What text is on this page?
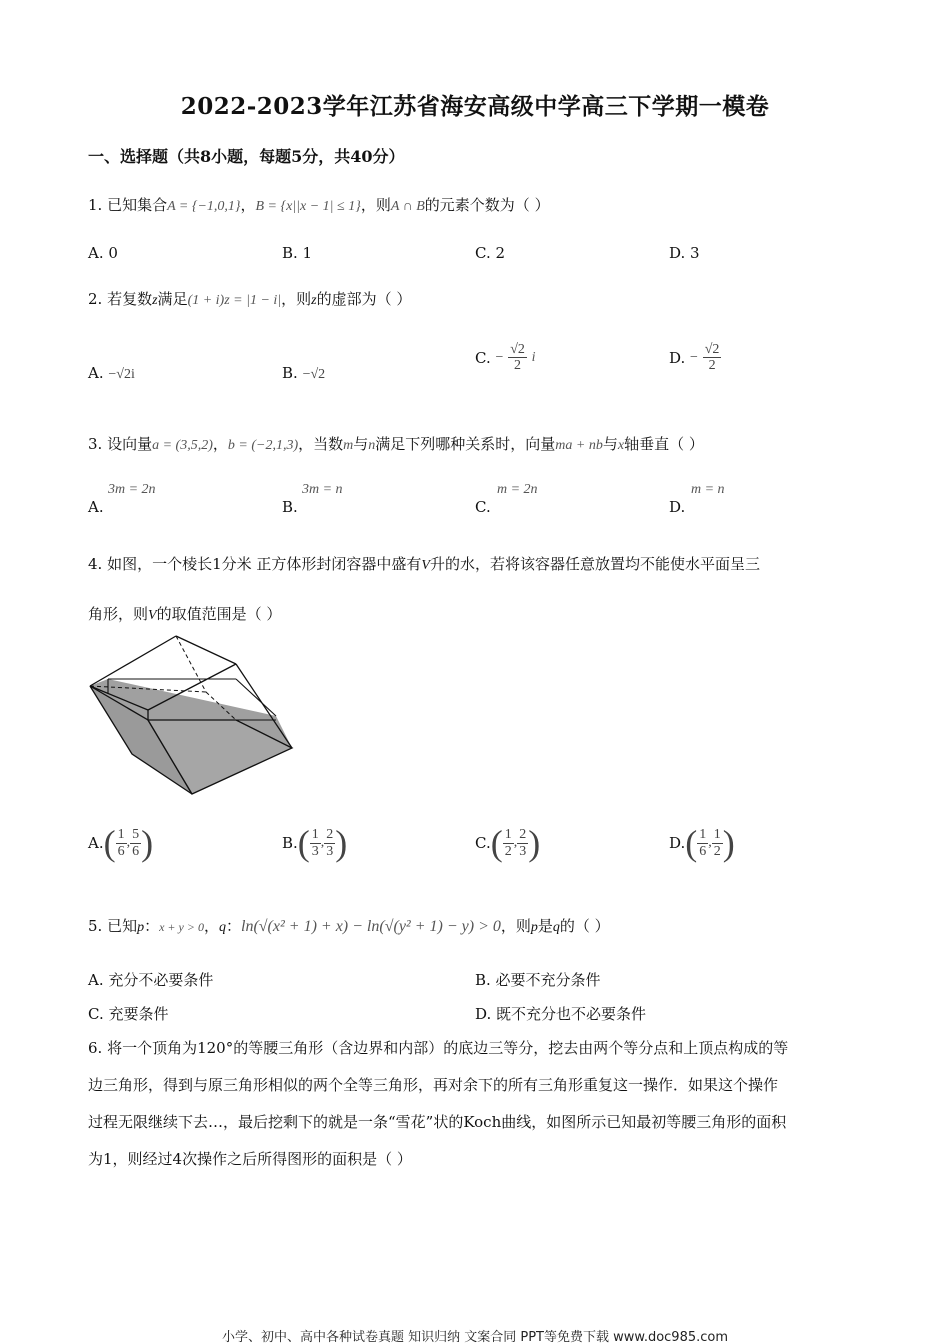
2022-2023学年江苏省海安高级中学高三下学期一模卷
一、选择题（共8小题，每题5分，共40分）
1. 已知集合A = {−1,0,1}，B = {x||x − 1| ≤ 1}，则A ∩ B的元素个数为（ ）
A. 0	B. 1	C. 2	D. 3
2. 若复数z满足(1 + i)z = |1 − i|，则z的虚部为（ ）
A. −√2i	B. −√2
C. − $\frac{√2}{2}$ i	D. − $\frac{√2}{2}$
3. 设向量a = (3,5,2)，b = (−2,1,3)，当数m与n满足下列哪种关系时，向量ma + nb与x轴垂直（ ）
3m = 2n
A.
3m = n
B.
m = 2n
C.
m = n
D.
4. 如图，一个棱长1分米 正方体形封闭容器中盛有V升的水，若将该容器任意放置均不能使水平面呈三
角形，则V的取值范围是（ ）
$A.( \frac{1}{6}$ , $\frac{5}{6}$ )	$B.( \frac{1}{3}$ , $\frac{2}{3}$ )	$C.( \frac{1}{2}$ , $\frac{2}{3}$ )	$D.( \frac{1}{6}$ , $\frac{1}{2}$ )
5. 已知p：x + y > 0，q：ln(√(x² + 1) + x) − ln(√(y² + 1) − y) > 0，则p是q的（ ）
A. 充分不必要条件	B. 必要不充分条件
C. 充要条件	D. 既不充分也不必要条件
6. 将一个顶角为120°的等腰三角形（含边界和内部）的底边三等分，挖去由两个等分点和上顶点构成的等
边三角形，得到与原三角形相似的两个全等三角形，再对余下的所有三角形重复这一操作．如果这个操作
过程无限继续下去…，最后挖剩下的就是一条“雪花”状的Koch曲线，如图所示已知最初等腰三角形的面积
为1，则经过4次操作之后所得图形的面积是（ ）
小学、初中、高中各种试卷真题 知识归纳 文案合同 PPT等免费下载 www.doc985.com
